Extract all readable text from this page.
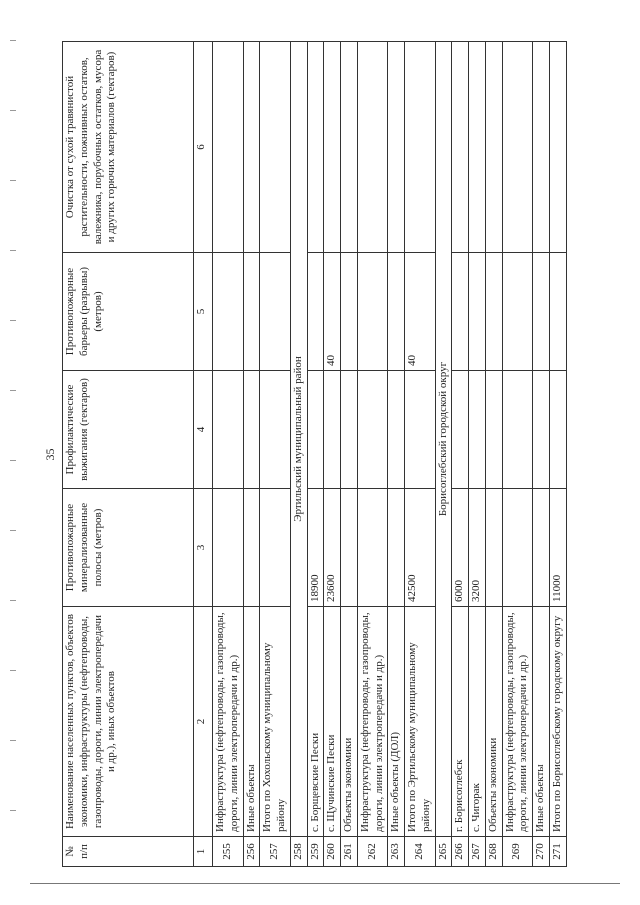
35
№ п/п	Наименование населенных пунктов, объектов экономики, инфраструктуры (нефтепроводы, газопроводы, дороги, линии электропередачи и др.), иных объектов	Противопожарные минерализованные полосы (метров)	Профилактические выжигания (гектаров)	Противопожарные барьеры (разрывы) (метров)	Очистка от сухой травянистой растительности, пожнивных остатков, валежника, порубочных остатков, мусора и других горючих материалов (гектаров)
1	2	3	4	5	6
255	Инфраструктура (нефтепроводы, газопроводы, дороги, линии электропередачи и др.)				
256	Иные объекты				
257	Итого по Хохольскому муниципальному району				
258	Эртильский муниципальный район				
259	с. Борщевские Пески	18900			
260	с. Щучинские Пески	23600		40	
261	Объекты экономики				
262	Инфраструктура (нефтепроводы, газопроводы, дороги, линии электропередачи и др.)				
263	Иные объекты (ДОЛ)				
264	Итого по Эртильскому муниципальному району	42500		40	
265	Борисоглебский городской округ				
266	г. Борисоглебск	6000			
267	с. Чигорак	3200			
268	Объекты экономики				
269	Инфраструктура (нефтепроводы, газопроводы, дороги, линии электропередачи и др.)				
270	Иные объекты				
271	Итого по Борисоглебскому городскому округу	11000			
